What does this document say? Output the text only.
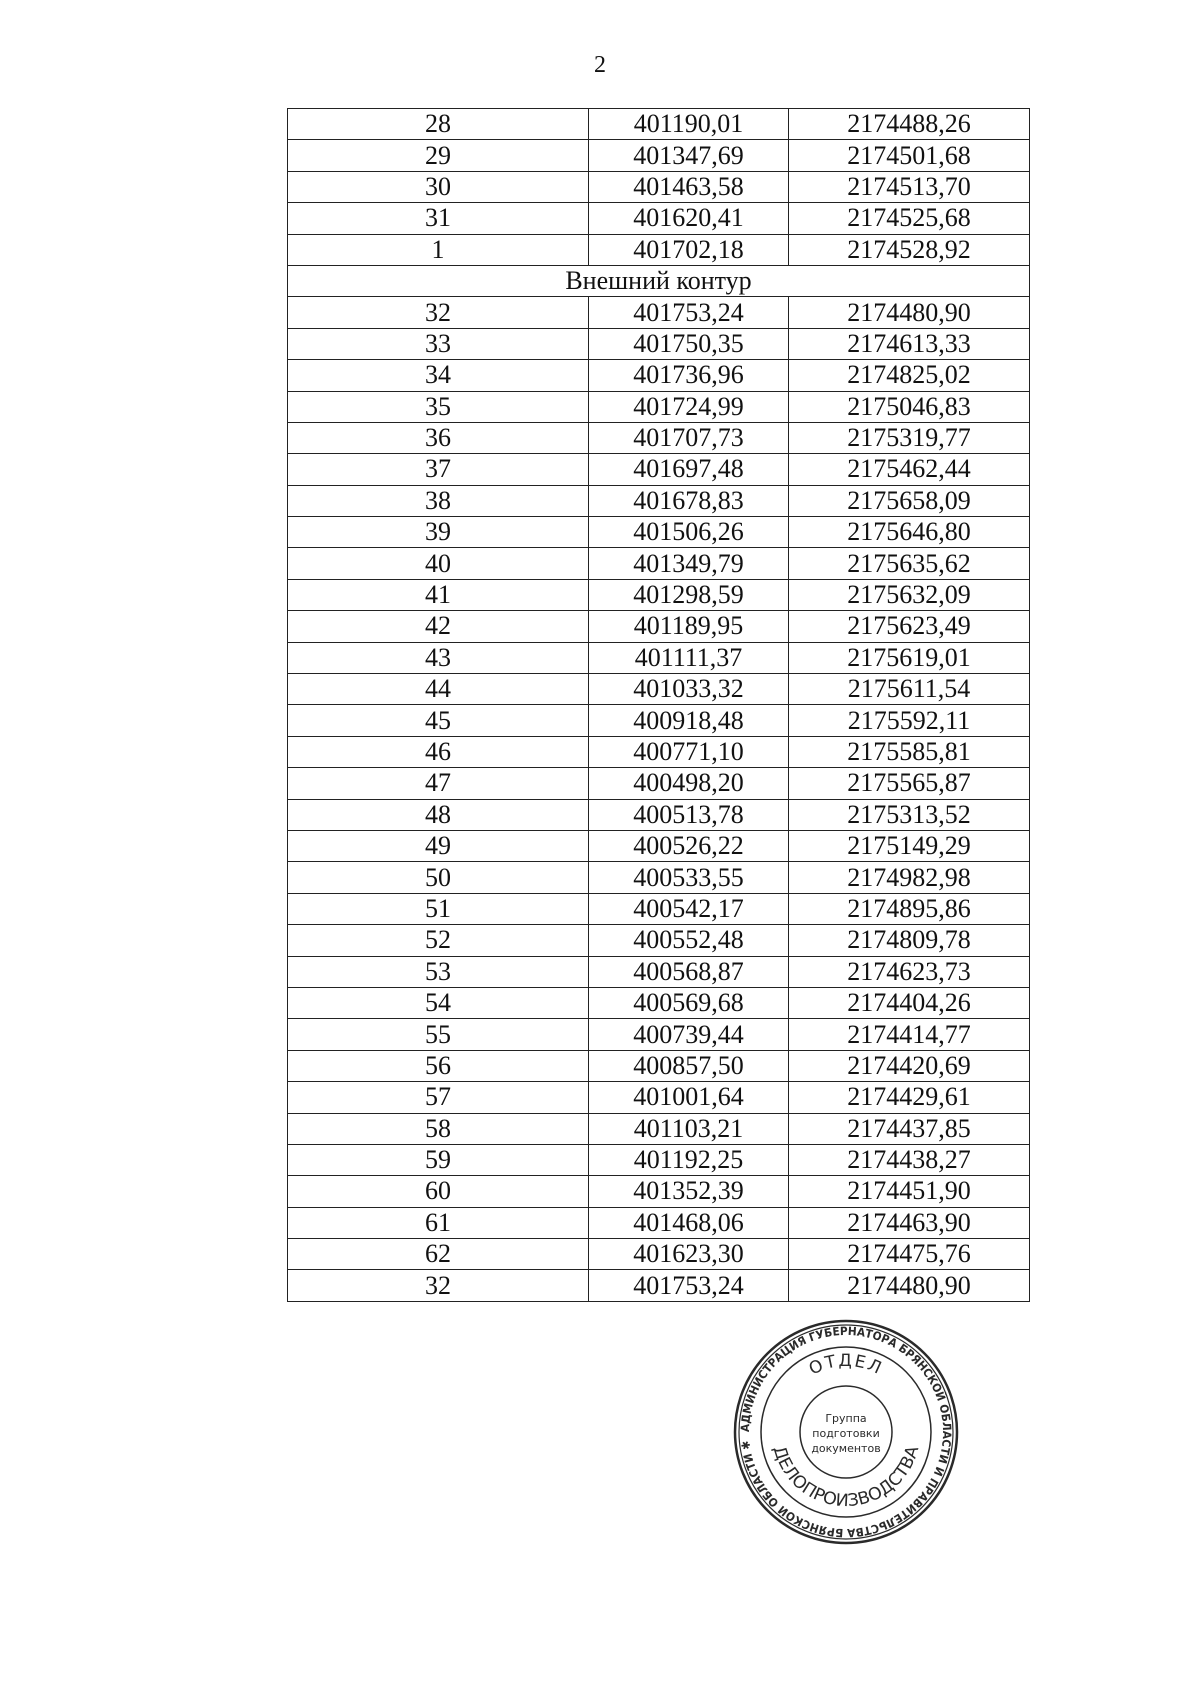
2
28	401190,01	2174488,26
29	401347,69	2174501,68
30	401463,58	2174513,70
31	401620,41	2174525,68
1	401702,18	2174528,92
Внешний контур		
32	401753,24	2174480,90
33	401750,35	2174613,33
34	401736,96	2174825,02
35	401724,99	2175046,83
36	401707,73	2175319,77
37	401697,48	2175462,44
38	401678,83	2175658,09
39	401506,26	2175646,80
40	401349,79	2175635,62
41	401298,59	2175632,09
42	401189,95	2175623,49
43	401111,37	2175619,01
44	401033,32	2175611,54
45	400918,48	2175592,11
46	400771,10	2175585,81
47	400498,20	2175565,87
48	400513,78	2175313,52
49	400526,22	2175149,29
50	400533,55	2174982,98
51	400542,17	2174895,86
52	400552,48	2174809,78
53	400568,87	2174623,73
54	400569,68	2174404,26
55	400739,44	2174414,77
56	400857,50	2174420,69
57	401001,64	2174429,61
58	401103,21	2174437,85
59	401192,25	2174438,27
60	401352,39	2174451,90
61	401468,06	2174463,90
62	401623,30	2174475,76
32	401753,24	2174480,90
АДМИНИСТРАЦИЯ ГУБЕРНАТОРА БРЯНСКОЙ ОБЛАСТИ И ПРАВИТЕЛЬСТВА БРЯНСКОЙ ОБЛАСТИ ✱
ОТДЕЛ
ДЕЛОПРОИЗВОДСТВА
Группа
подготовки
документов
